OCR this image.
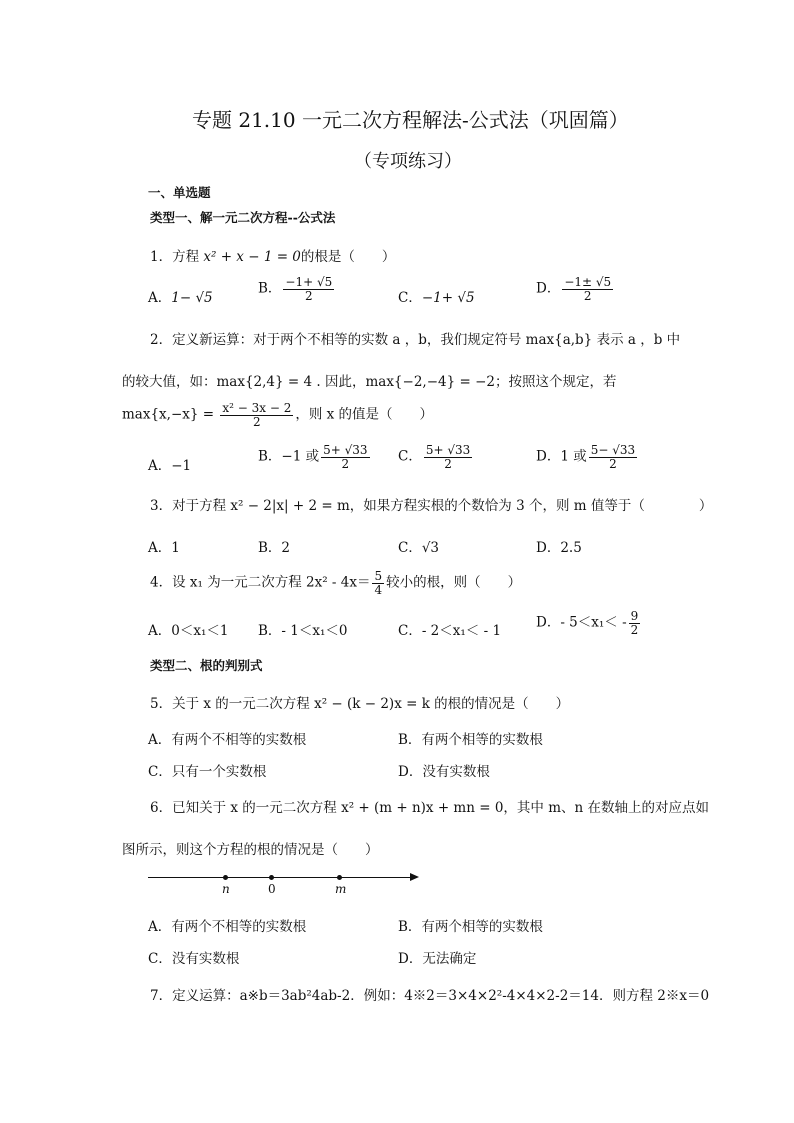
专题 21.10 一元二次方程解法-公式法（巩固篇）
（专项练习）
一、单选题
类型一、解一元二次方程--公式法
1．方程 x² + x − 1 = 0的根是（　　）
A．1− √5
B． $\frac{-1+ √5}{2}$	C．−1+ √5
D． $\frac{-1\pm √5}{2}$
2．定义新运算：对于两个不相等的实数 a ，b，我们规定符号 max{a,b} 表示 a ，b 中
的较大值，如：max{2,4} = 4 . 因此，max{−2,−4} = −2；按照这个规定，若
$\max\{x,-x\} = \frac{\text{x² − 3x − 2}}{2}$ ，则 x 的值是（　　）
A．−1
B．−1 或 $\frac{5+ √33}{2}$ C． $\frac{5+ √33}{2}$	D．1 或 $\frac{5- √33}{2}$
3．对于方程 x² − 2|x| + 2 = m，如果方程实根的个数恰为 3 个，则 m 值等于（　　　　）
A．1	B．2	C．√3	D．2.5
4．设 x₁ 为一元二次方程 $2x^2 - 4x= \frac{5}{4}$ 较小的根，则（　　）
A．0＜x₁＜1 B．- 1＜x₁＜0	C．- 2＜x₁＜ - 1
D．- $5<x_1< - \frac{9}{2}$
类型二、根的判别式
5．关于 x 的一元二次方程 x² − (k − 2)x = k 的根的情况是（　　）
A．有两个不相等的实数根	B．有两个相等的实数根
C．只有一个实数根	D．没有实数根
6．已知关于 x 的一元二次方程 x² + (m + n)x + mn = 0，其中 m、n 在数轴上的对应点如
图所示，则这个方程的根的情况是（　　）
n	0	m
A．有两个不相等的实数根	B．有两个相等的实数根
C．没有实数根	D．无法确定
7．定义运算：a※b＝3ab²4ab-2．例如：4※2＝3×4×2²-4×4×2-2＝14．则方程 2※x＝0
